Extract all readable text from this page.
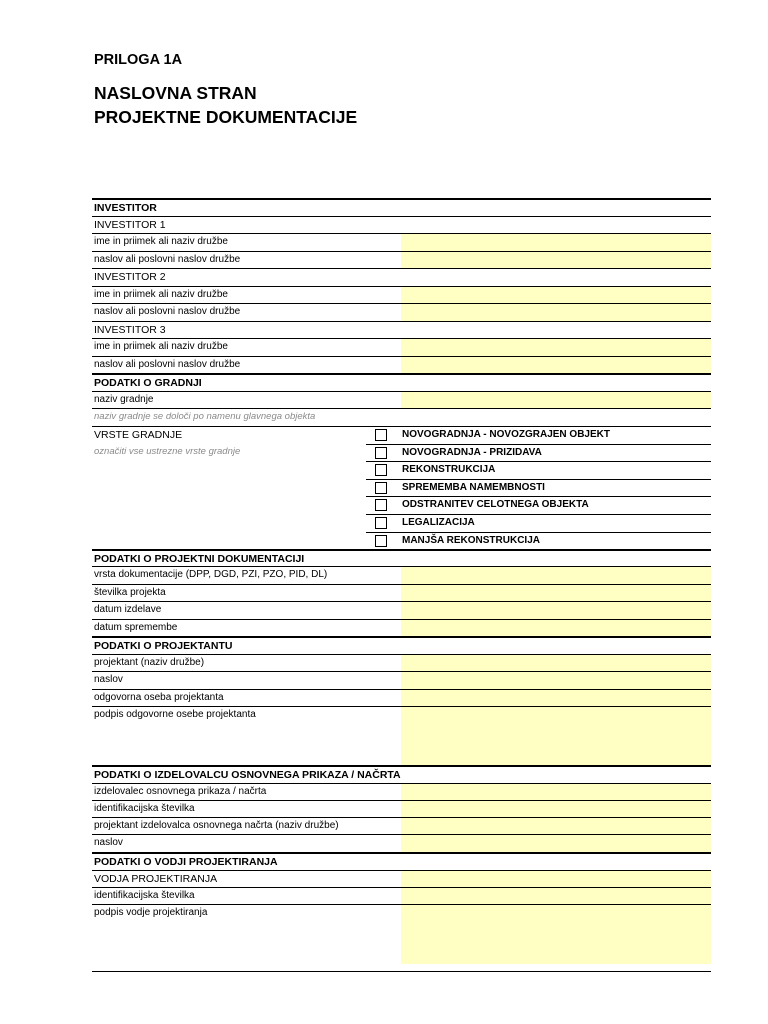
PRILOGA 1A
NASLOVNA STRAN
PROJEKTNE DOKUMENTACIJE
INVESTITOR
INVESTITOR 1
ime in priimek ali naziv družbe
naslov ali poslovni naslov družbe
INVESTITOR 2
ime in priimek ali naziv družbe
naslov ali poslovni naslov družbe
INVESTITOR 3
ime in priimek ali naziv družbe
naslov ali poslovni naslov družbe
PODATKI O GRADNJI
naziv gradnje
naziv gradnje se določi po namenu glavnega objekta
VRSTE GRADNJE
označiti vse ustrezne vrste gradnje
NOVOGRADNJA - NOVOZGRAJEN OBJEKT
NOVOGRADNJA - PRIZIDAVA
REKONSTRUKCIJA
SPREMEMBA NAMEMBNOSTI
ODSTRANITEV CELOTNEGA OBJEKTA
LEGALIZACIJA
MANJŠA REKONSTRUKCIJA
PODATKI O PROJEKTNI DOKUMENTACIJI
vrsta dokumentacije (DPP, DGD, PZI, PZO, PID, DL)
številka projekta
datum izdelave
datum spremembe
PODATKI O PROJEKTANTU
projektant (naziv družbe)
naslov
odgovorna oseba projektanta
podpis odgovorne osebe projektanta
PODATKI O IZDELOVALCU OSNOVNEGA PRIKAZA / NAČRTA
izdelovalec osnovnega prikaza / načrta
identifikacijska številka
projektant izdelovalca osnovnega načrta (naziv družbe)
naslov
PODATKI O VODJI PROJEKTIRANJA
VODJA PROJEKTIRANJA
identifikacijska številka
podpis vodje projektiranja
